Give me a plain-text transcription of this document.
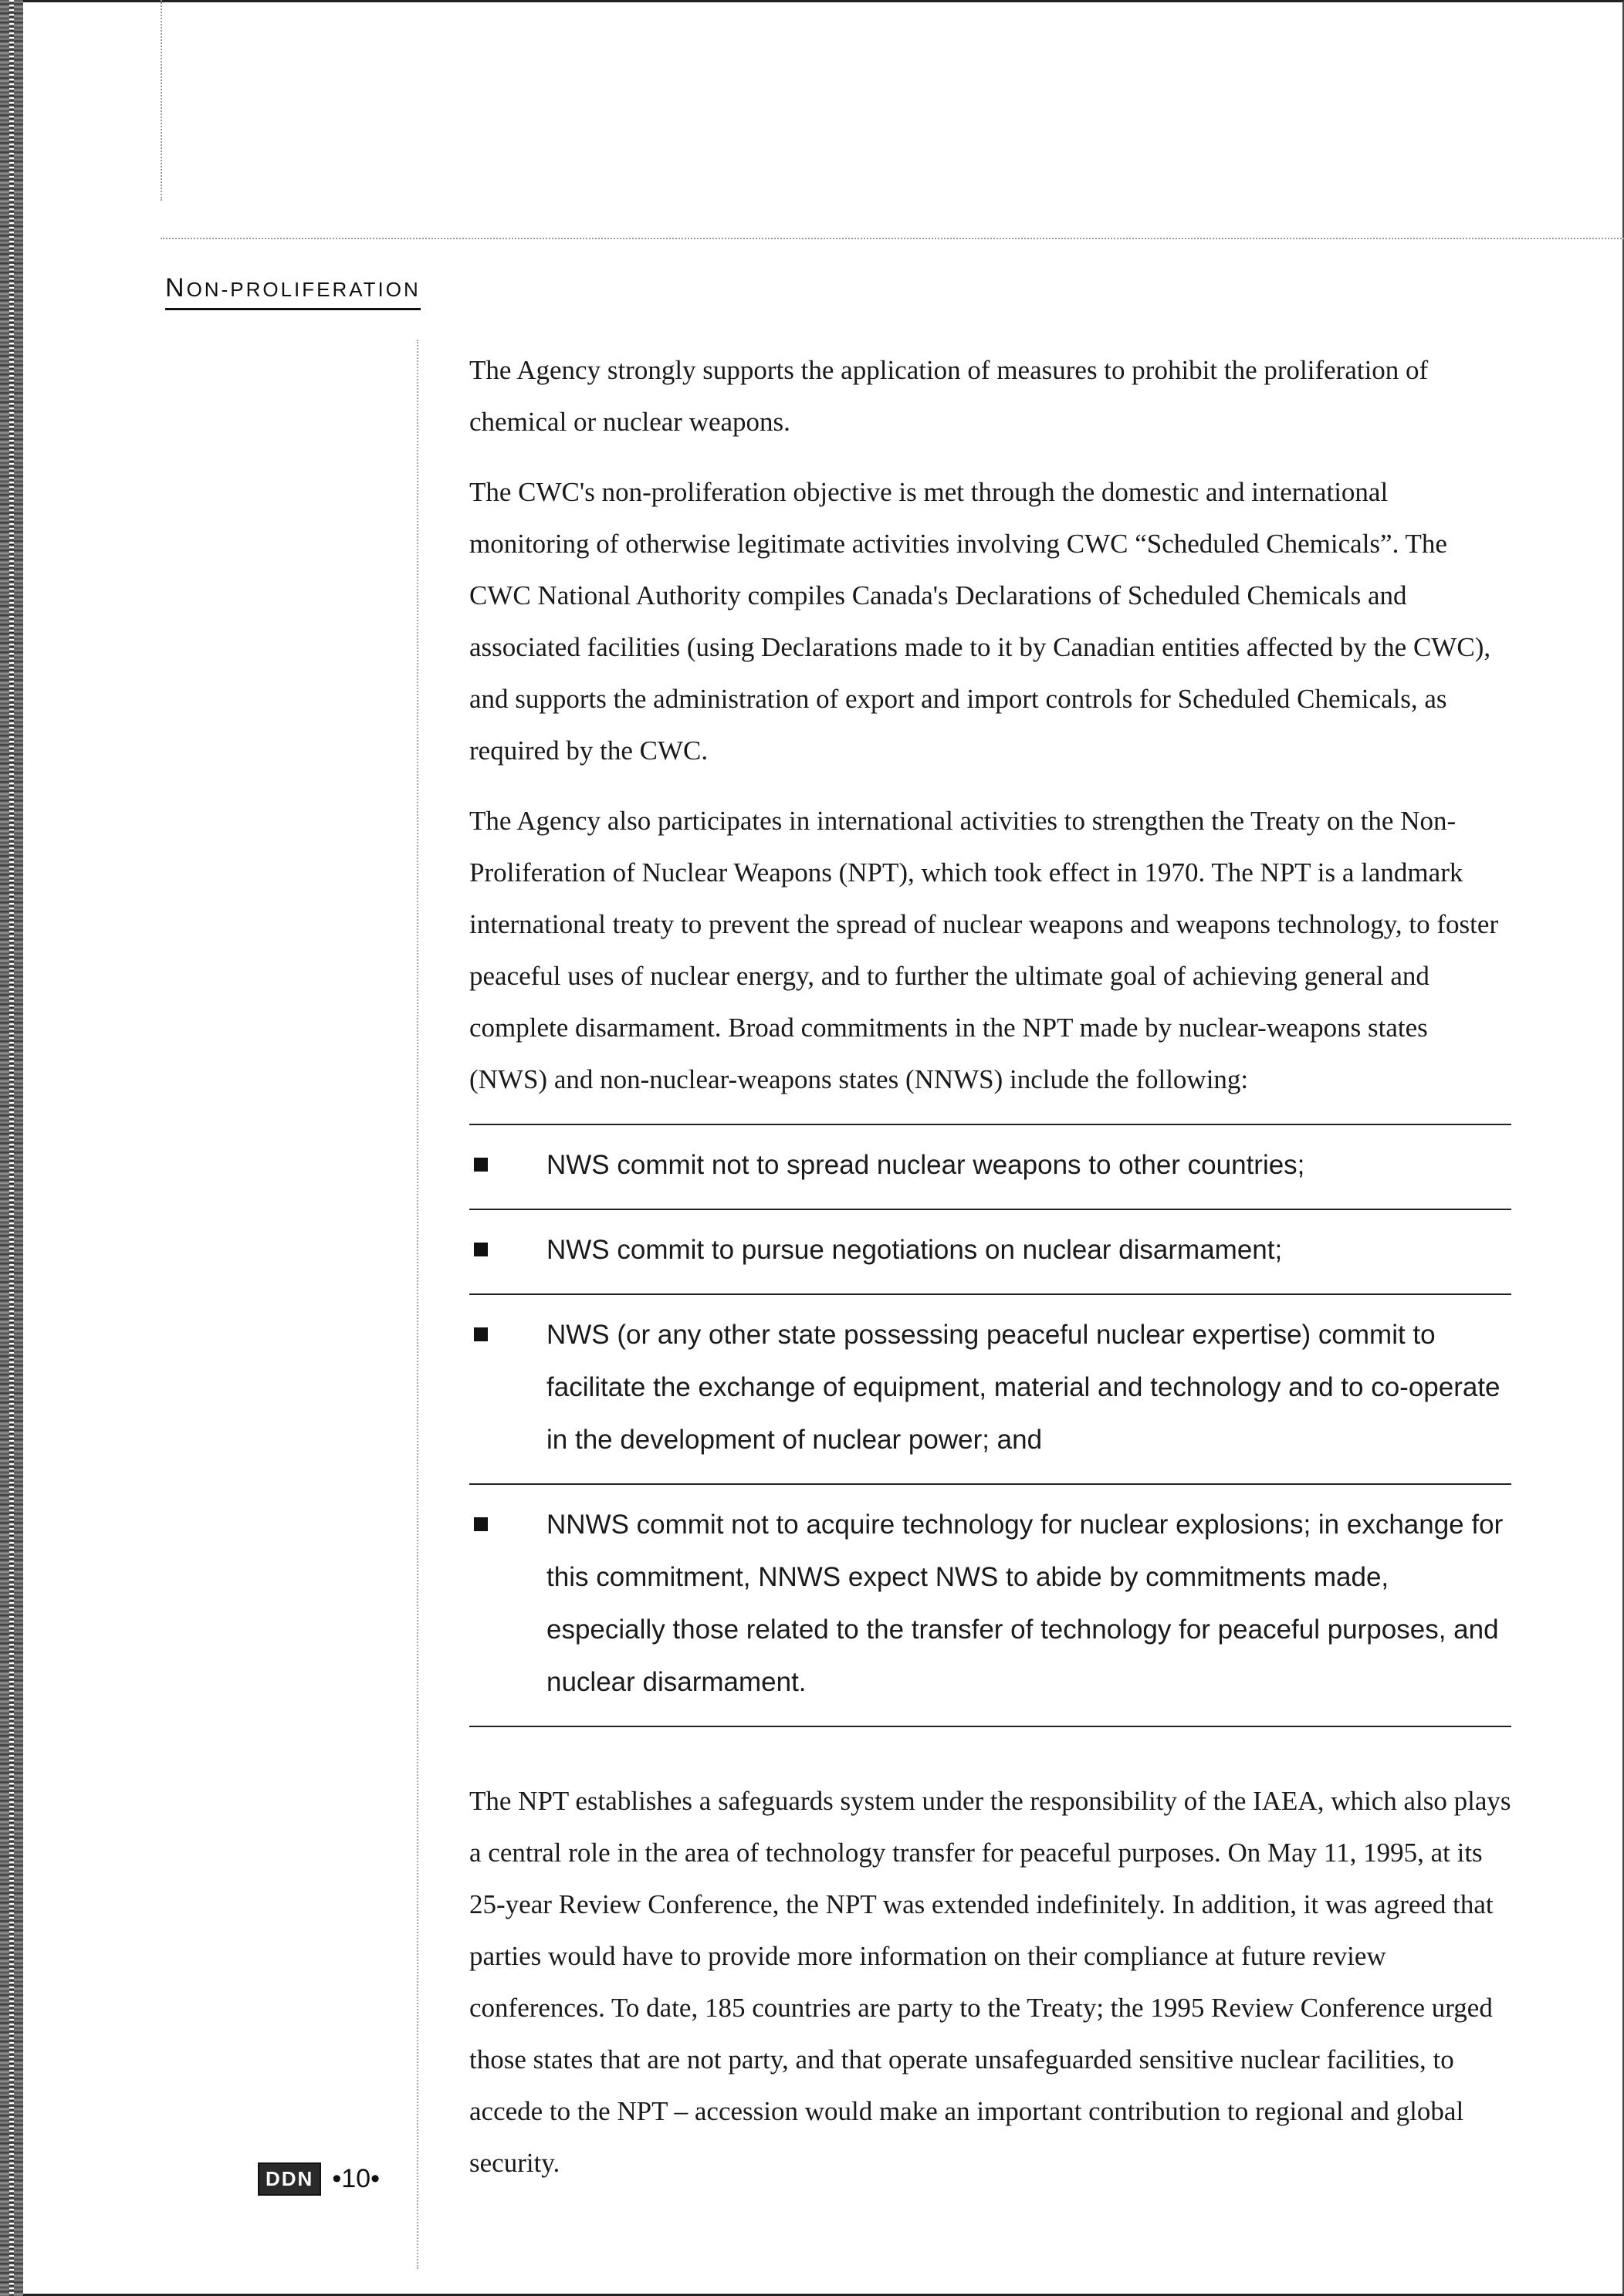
NON-PROLIFERATION

The Agency strongly supports the application of measures to prohibit the proliferation of chemical or nuclear weapons.

The CWC's non-proliferation objective is met through the domestic and international monitoring of otherwise legitimate activities involving CWC “Scheduled Chemicals”. The CWC National Authority compiles Canada's Declarations of Scheduled Chemicals and associated facilities (using Declarations made to it by Canadian entities affected by the CWC), and supports the administration of export and import controls for Scheduled Chemicals, as required by the CWC.

The Agency also participates in international activities to strengthen the Treaty on the Non-Proliferation of Nuclear Weapons (NPT), which took effect in 1970. The NPT is a landmark international treaty to prevent the spread of nuclear weapons and weapons technology, to foster peaceful uses of nuclear energy, and to further the ultimate goal of achieving general and complete disarmament. Broad commitments in the NPT made by nuclear-weapons states (NWS) and non-nuclear-weapons states (NNWS) include the following:

NWS commit not to spread nuclear weapons to other countries;
NWS commit to pursue negotiations on nuclear disarmament;
NWS (or any other state possessing peaceful nuclear expertise) commit to facilitate the exchange of equipment, material and technology and to co-operate in the development of nuclear power; and
NNWS commit not to acquire technology for nuclear explosions; in exchange for this commitment, NNWS expect NWS to abide by commitments made, especially those related to the transfer of technology for peaceful purposes, and nuclear disarmament.

The NPT establishes a safeguards system under the responsibility of the IAEA, which also plays a central role in the area of technology transfer for peaceful purposes. On May 11, 1995, at its 25-year Review Conference, the NPT was extended indefinitely. In addition, it was agreed that parties would have to provide more information on their compliance at future review conferences. To date, 185 countries are party to the Treaty; the 1995 Review Conference urged those states that are not party, and that operate unsafeguarded sensitive nuclear facilities, to accede to the NPT – accession would make an important contribution to regional and global security.

DDN •10•
